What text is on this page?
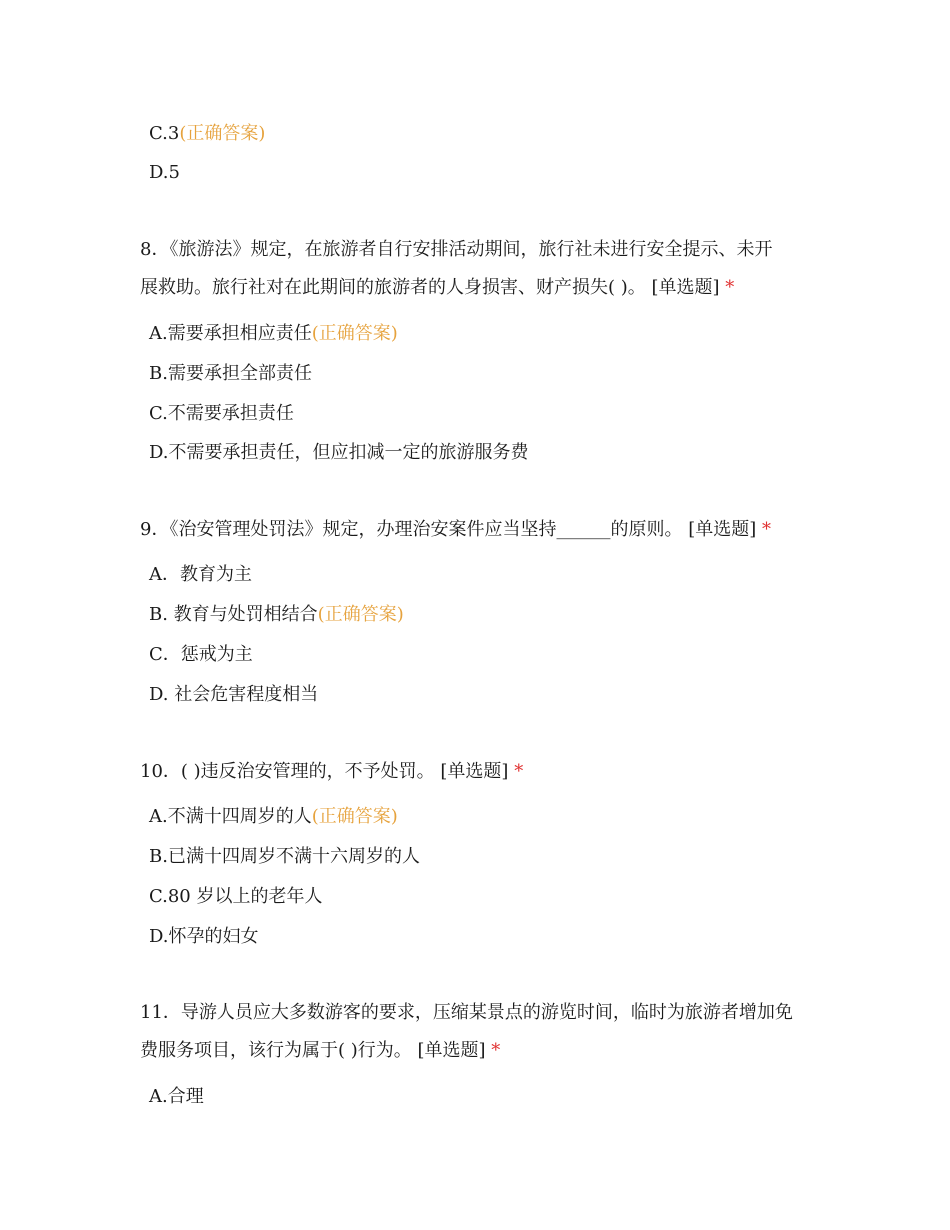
C.3(正确答案)
D.5
8．《旅游法》规定，在旅游者自行安排活动期间，旅行社未进行安全提示、未开
展救助。旅行社对在此期间的旅游者的人身损害、财产损失( )。 [单选题] *
A.需要承担相应责任(正确答案)
B.需要承担全部责任
C.不需要承担责任
D.不需要承担责任，但应扣减一定的旅游服务费
9．《治安管理处罚法》规定，办理治安案件应当坚持______的原则。 [单选题] *
A．教育为主
B. 教育与处罚相结合(正确答案)
C．惩戒为主
D. 社会危害程度相当
10．( )违反治安管理的，不予处罚。 [单选题] *
A.不满十四周岁的人(正确答案)
B.已满十四周岁不满十六周岁的人
C.80 岁以上的老年人
D.怀孕的妇女
11．导游人员应大多数游客的要求，压缩某景点的游览时间，临时为旅游者增加免
费服务项目，该行为属于( )行为。 [单选题] *
A.合理
